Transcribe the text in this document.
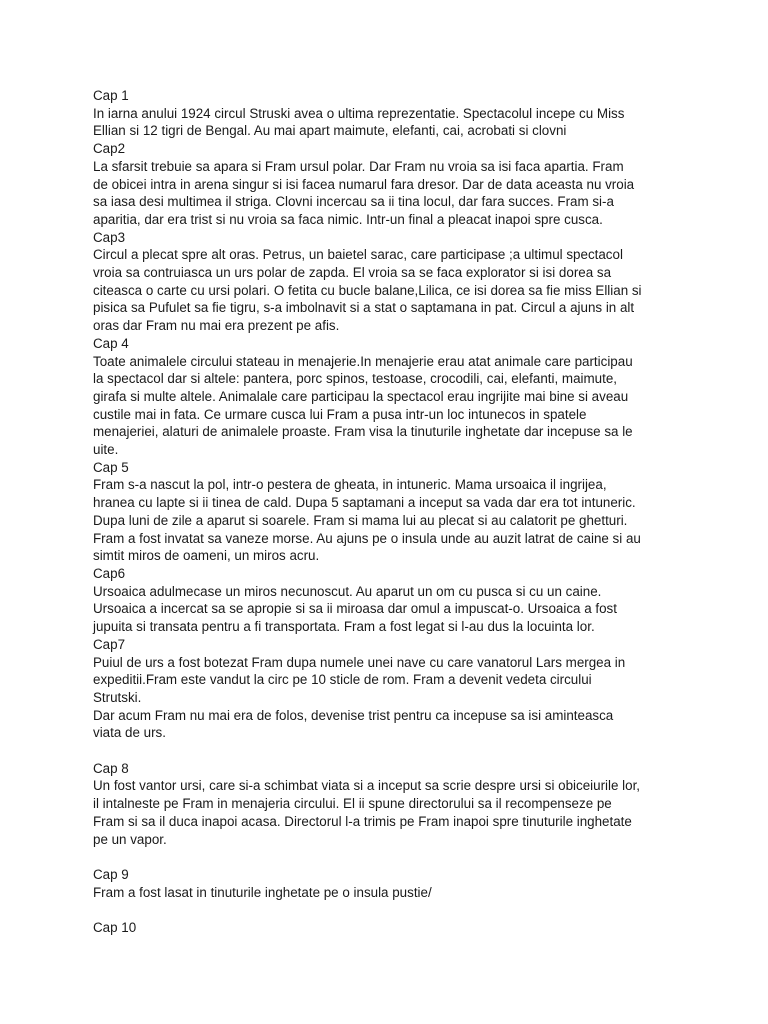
Cap 1
In iarna anului 1924 circul Struski avea o ultima reprezentatie. Spectacolul incepe cu Miss
Ellian si 12 tigri de Bengal. Au mai apart maimute, elefanti, cai, acrobati si clovni
Cap2
La sfarsit trebuie sa apara si Fram ursul polar. Dar Fram nu vroia sa isi faca apartia. Fram
de obicei intra in arena singur si isi facea numarul fara dresor. Dar de data aceasta nu vroia
sa iasa desi multimea il striga. Clovni incercau sa ii tina locul, dar fara succes. Fram si-a
aparitia, dar era trist si nu vroia sa faca nimic. Intr-un final a pleacat inapoi spre cusca.
Cap3
Circul a plecat spre alt oras. Petrus, un baietel sarac, care participase ;a ultimul spectacol
vroia sa contruiasca un urs polar de zapda. El vroia sa se faca explorator si isi dorea sa
citeasca o carte cu ursi polari. O fetita cu bucle balane,Lilica, ce isi dorea sa fie miss Ellian si
pisica sa Pufulet sa fie tigru, s-a imbolnavit si a stat o saptamana in pat. Circul a ajuns in alt
oras dar Fram nu mai era prezent pe afis.
Cap 4
Toate animalele circului stateau in menajerie.In menajerie erau atat animale care participau
la spectacol dar si altele: pantera, porc spinos, testoase, crocodili, cai, elefanti, maimute,
girafa si multe altele. Animalale care participau la spectacol erau ingrijite mai bine si aveau
custile mai in fata. Ce urmare cusca lui Fram a pusa intr-un loc intunecos in spatele
menajeriei, alaturi de animalele proaste. Fram visa la tinuturile inghetate dar incepuse sa le
uite.
Cap 5
Fram s-a nascut la pol, intr-o pestera de gheata, in intuneric. Mama ursoaica il ingrijea,
hranea cu lapte si ii tinea de cald. Dupa 5 saptamani a inceput sa vada dar era tot intuneric.
Dupa luni de zile a aparut si soarele. Fram si mama lui au plecat si au calatorit pe ghetturi.
Fram a fost invatat sa vaneze morse. Au ajuns pe o insula unde au auzit latrat de caine si au
simtit miros de oameni, un miros acru.
Cap6
Ursoaica adulmecase un miros necunoscut. Au aparut un om cu pusca si cu un caine.
Ursoaica a incercat sa se apropie si sa ii miroasa dar omul a impuscat-o. Ursoaica a fost
jupuita si transata pentru a fi transportata. Fram a fost legat si l-au dus la locuinta lor.
Cap7
Puiul de urs a fost botezat Fram dupa numele unei nave cu care vanatorul Lars mergea in
expeditii.Fram este vandut la circ pe 10 sticle de rom. Fram a devenit vedeta circului
Strutski.
Dar acum Fram nu mai era de folos, devenise trist pentru ca incepuse sa isi aminteasca
viata de urs.
Cap 8
Un fost vantor ursi, care si-a schimbat viata si a inceput sa scrie despre ursi si obiceiurile lor,
il intalneste pe Fram in menajeria circului. El ii spune directorului sa il recompenseze pe
Fram si sa il duca inapoi acasa. Directorul l-a trimis pe Fram inapoi spre tinuturile inghetate
pe un vapor.
Cap 9
Fram a fost lasat in tinuturile inghetate pe o insula pustie/
Cap 10
